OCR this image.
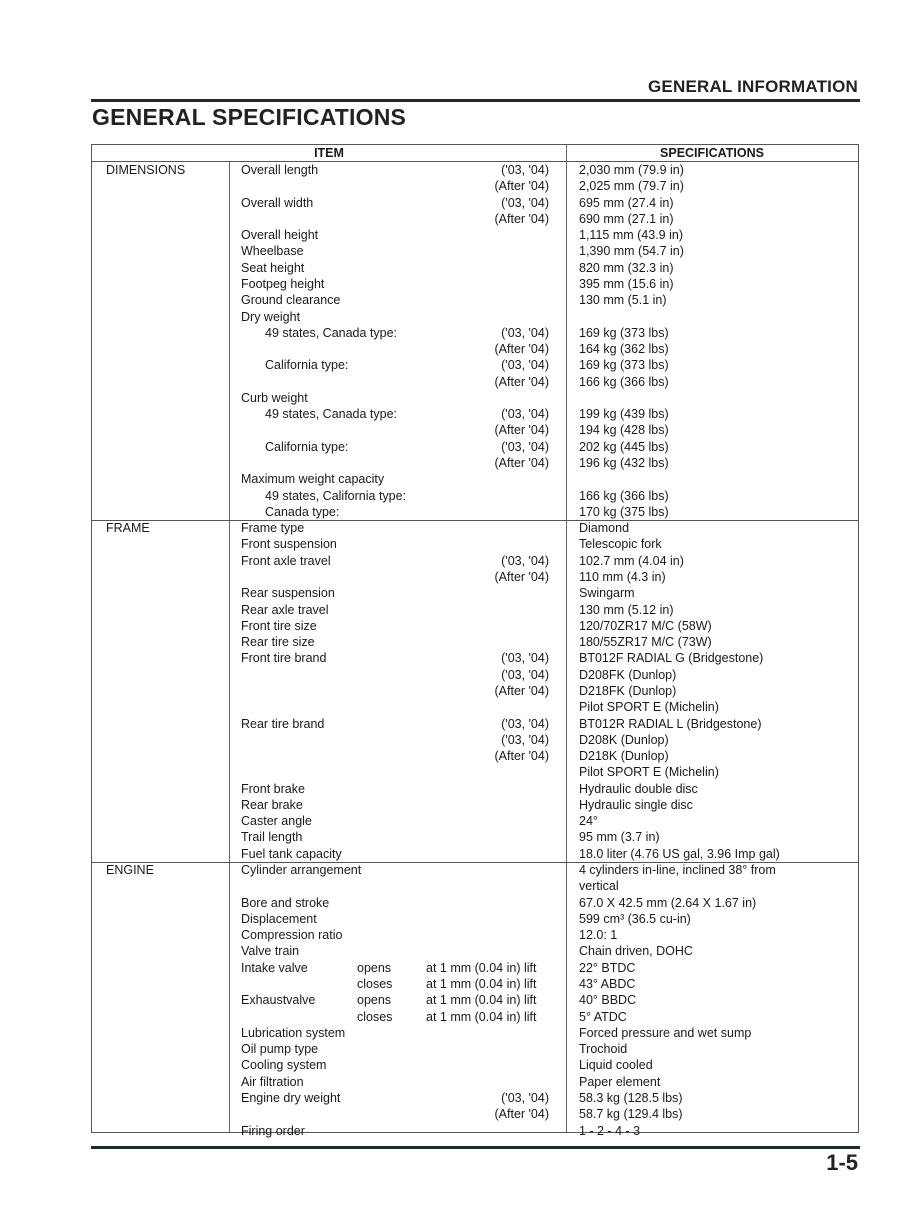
GENERAL INFORMATION
GENERAL SPECIFICATIONS
ITEM	SPECIFICATIONS
DIMENSIONS	Overall length	('03, '04) 2,030 mm (79.9 in)
(After '04) 2,025 mm (79.7 in)
Overall width	('03, '04) 695 mm (27.4 in)
(After '04) 690 mm (27.1 in)
Overall height	1,115 mm (43.9 in)
Wheelbase	1,390 mm (54.7 in)
Seat height	820 mm (32.3 in)
Footpeg height	395 mm (15.6 in)
Ground clearance	130 mm (5.1 in)
Dry weight
49 states, Canada type:	('03, '04) 169 kg (373 lbs)
(After '04) 164 kg (362 lbs)
California type:	('03, '04) 169 kg (373 lbs)
(After '04) 166 kg (366 lbs)
Curb weight
49 states, Canada type:	('03, '04) 199 kg (439 lbs)
(After '04) 194 kg (428 lbs)
California type:	('03, '04) 202 kg (445 lbs)
(After '04) 196 kg (432 lbs)
Maximum weight capacity
49 states, California type:	166 kg (366 lbs)
Canada type:	170 kg (375 lbs)
FRAME	Frame type	Diamond
Front suspension	Telescopic fork
Front axle travel	('03, '04) 102.7 mm (4.04 in)
(After '04) 110 mm (4.3 in)
Rear suspension	Swingarm
Rear axle travel	130 mm (5.12 in)
Front tire size	120/70ZR17 M/C (58W)
Rear tire size	180/55ZR17 M/C (73W)
Front tire brand	('03, '04) BT012F RADIAL G (Bridgestone)
('03, '04) D208FK (Dunlop)
(After '04) D218FK (Dunlop)
Pilot SPORT E (Michelin)
Rear tire brand	('03, '04) BT012R RADIAL L (Bridgestone)
('03, '04) D208K (Dunlop)
(After '04) D218K (Dunlop)
Pilot SPORT E (Michelin)
Front brake	Hydraulic double disc
Rear brake	Hydraulic single disc
Caster angle	24°
Trail length	95 mm (3.7 in)
Fuel tank capacity	18.0 liter (4.76 US gal, 3.96 Imp gal)
ENGINE	Cylinder arrangement	4 cylinders in-line, inclined 38° from
vertical
Bore and stroke	67.0 X 42.5 mm (2.64 X 1.67 in)
Displacement	599 cm³ (36.5 cu-in)
Compression ratio	12.0: 1
Valve train	Chain driven, DOHC
Intake valve	opens	at 1 mm (0.04 in) lift	22° BTDC
closes	at 1 mm (0.04 in) lift	43° ABDC
Exhaustvalve	opens	at 1 mm (0.04 in) lift	40° BBDC
closes	at 1 mm (0.04 in) lift	5° ATDC
Lubrication system	Forced pressure and wet sump
Oil pump type	Trochoid
Cooling system	Liquid cooled
Air filtration	Paper element
Engine dry weight	('03, '04) 58.3 kg (128.5 lbs)
(After '04) 58.7 kg (129.4 lbs)
Firing order	1 - 2 - 4 - 3
1-5
